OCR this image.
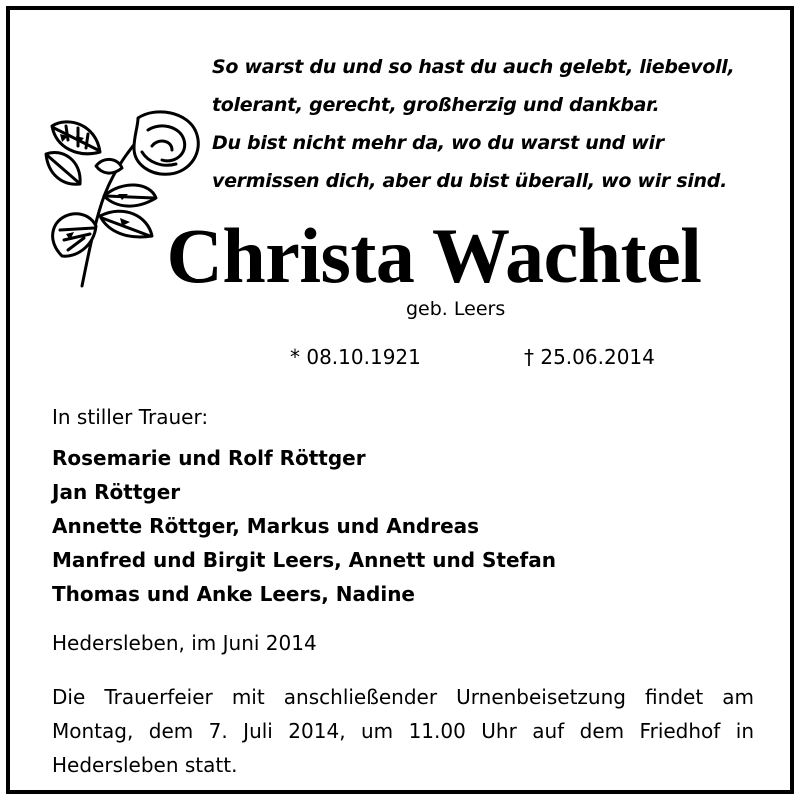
So warst du und so hast du auch gelebt, liebevoll,
tolerant, gerecht, großherzig und dankbar.
Du bist nicht mehr da, wo du warst und wir
vermissen dich, aber du bist überall, wo wir sind.
Christa Wachtel
geb. Leers
* 08.10.1921	† 25.06.2014
In stiller Trauer:
Rosemarie und Rolf Röttger
Jan Röttger
Annette Röttger, Markus und Andreas
Manfred und Birgit Leers, Annett und Stefan
Thomas und Anke Leers, Nadine
Hedersleben, im Juni 2014
Die Trauerfeier mit anschließender Urnenbeisetzung findet am Montag, dem 7. Juli 2014, um 11.00 Uhr auf dem Friedhof in Hedersleben statt.
